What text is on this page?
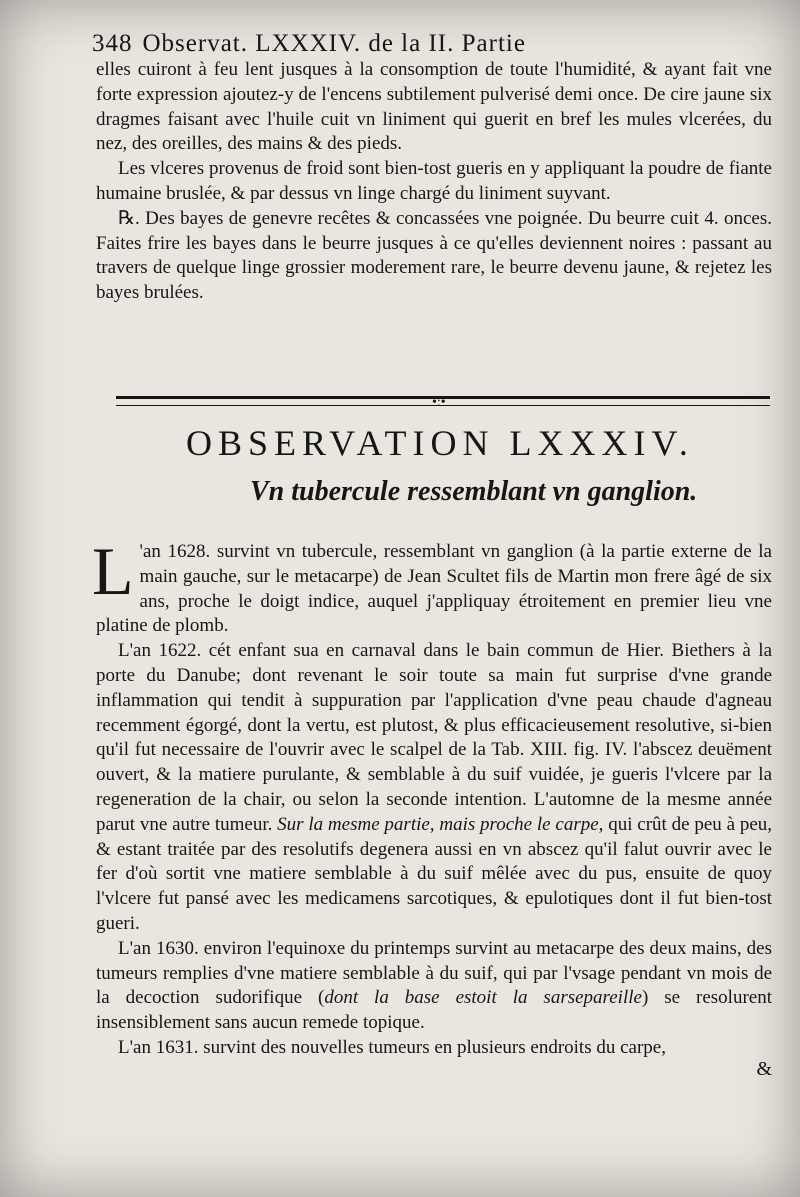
348 Observat. LXXXIV. de la II. Partie

elles cuiront à feu lent jusques à la consomption de toute l'humidité, & ayant fait vne forte expression ajoutez-y de l'encens subtilement pulverisé demi once. De cire jaune six dragmes faisant avec l'huile cuit vn liniment qui guerit en bref les mules vlcerées, du nez, des oreilles, des mains & des pieds.

Les vlceres provenus de froid sont bien-tost gueris en y appliquant la poudre de fiante humaine bruslée, & par dessus vn linge chargé du liniment suyvant.

℞. Des bayes de genevre recêtes & concassées vne poignée. Du beurre cuit 4. onces. Faites frire les bayes dans le beurre jusques à ce qu'elles deviennent noires : passant au travers de quelque linge grossier moderement rare, le beurre devenu jaune, & rejetez les bayes brulées.

•:•
OBSERVATION LXXXIV.
Vn tubercule ressemblant vn ganglion.

L 'an 1628. survint vn tubercule, ressemblant vn ganglion (à la partie externe de la main gauche, sur le metacarpe) de Jean Scultet fils de Martin mon frere âgé de six ans, proche le doigt indice, auquel j'appliquay étroitement en premier lieu vne platine de plomb.

L'an 1622. cét enfant sua en carnaval dans le bain commun de Hier. Biethers à la porte du Danube; dont revenant le soir toute sa main fut surprise d'vne grande inflammation qui tendit à suppuration par l'application d'vne peau chaude d'agneau recemment égorgé, dont la vertu, est plutost, & plus efficacieusement resolutive, si-bien qu'il fut necessaire de l'ouvrir avec le scalpel de la Tab. XIII. fig. IV. l'abscez deuëment ouvert, & la matiere purulante, & semblable à du suif vuidée, je gueris l'vlcere par la regeneration de la chair, ou selon la seconde intention. L'automne de la mesme année parut vne autre tumeur. Sur la mesme partie, mais proche le carpe, qui crût de peu à peu, & estant traitée par des resolutifs degenera aussi en vn abscez qu'il falut ouvrir avec le fer d'où sortit vne matiere semblable à du suif mêlée avec du pus, ensuite de quoy l'vlcere fut pansé avec les medicamens sarcotiques, & epulotiques dont il fut bien-tost gueri.

L'an 1630. environ l'equinoxe du printemps survint au metacarpe des deux mains, des tumeurs remplies d'vne matiere semblable à du suif, qui par l'vsage pendant vn mois de la decoction sudorifique (dont la base estoit la sarsepareille) se resolurent insensiblement sans aucun remede topique.

L'an 1631. survint des nouvelles tumeurs en plusieurs endroits du carpe,

&
